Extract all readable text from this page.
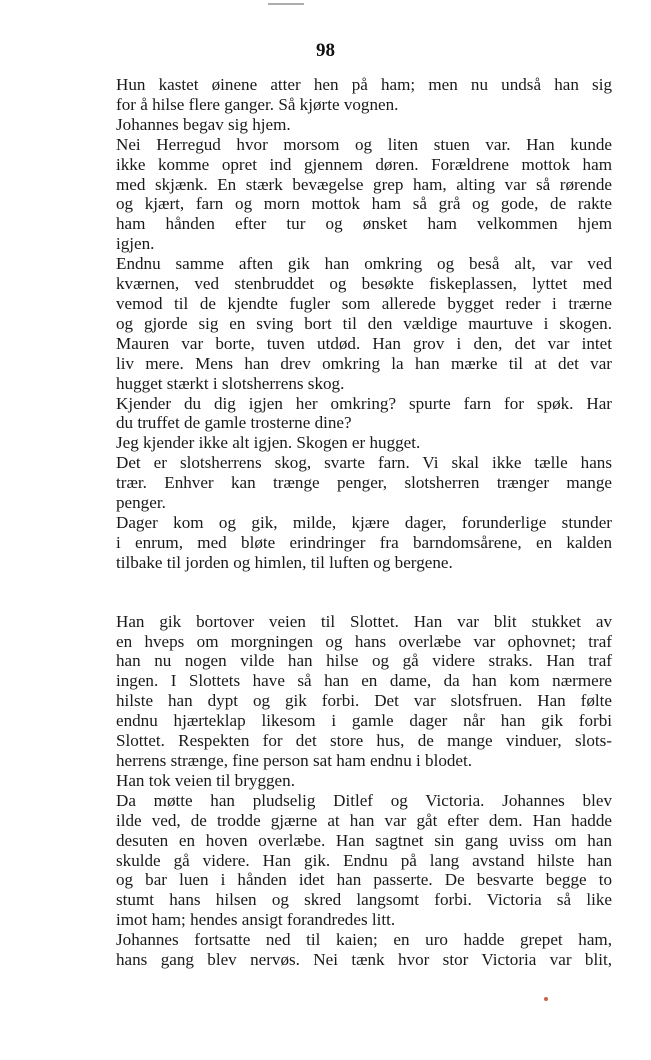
98
Hun kastet øinene atter hen på ham; men nu undså han sig
for å hilse flere ganger. Så kjørte vognen.
Johannes begav sig hjem.
Nei Herregud hvor morsom og liten stuen var. Han kunde
ikke komme opret ind gjennem døren. Forældrene mottok ham
med skjænk. En stærk bevægelse grep ham, alting var så rørende
og kjært, farn og morn mottok ham så grå og gode, de rakte
ham hånden efter tur og ønsket ham velkommen hjem
igjen.
Endnu samme aften gik han omkring og beså alt, var ved
kværnen, ved stenbruddet og besøkte fiskeplassen, lyttet med
vemod til de kjendte fugler som allerede bygget reder i trærne
og gjorde sig en sving bort til den vældige maurtuve i skogen.
Mauren var borte, tuven utdød. Han grov i den, det var intet
liv mere. Mens han drev omkring la han mærke til at det var
hugget stærkt i slotsherrens skog.
Kjender du dig igjen her omkring? spurte farn for spøk. Har
du truffet de gamle trosterne dine?
Jeg kjender ikke alt igjen. Skogen er hugget.
Det er slotsherrens skog, svarte farn. Vi skal ikke tælle hans
trær. Enhver kan trænge penger, slotsherren trænger mange
penger.
Dager kom og gik, milde, kjære dager, forunderlige stunder
i enrum, med bløte erindringer fra barndomsårene, en kalden
tilbake til jorden og himlen, til luften og bergene.
Han gik bortover veien til Slottet. Han var blit stukket av
en hveps om morgningen og hans overlæbe var ophovnet; traf
han nu nogen vilde han hilse og gå videre straks. Han traf
ingen. I Slottets have så han en dame, da han kom nærmere
hilste han dypt og gik forbi. Det var slotsfruen. Han følte
endnu hjærteklap likesom i gamle dager når han gik forbi
Slottet. Respekten for det store hus, de mange vinduer, slots-
herrens strænge, fine person sat ham endnu i blodet.
Han tok veien til bryggen.
Da møtte han pludselig Ditlef og Victoria. Johannes blev
ilde ved, de trodde gjærne at han var gåt efter dem. Han hadde
desuten en hoven overlæbe. Han sagtnet sin gang uviss om han
skulde gå videre. Han gik. Endnu på lang avstand hilste han
og bar luen i hånden idet han passerte. De besvarte begge to
stumt hans hilsen og skred langsomt forbi. Victoria så like
imot ham; hendes ansigt forandredes litt.
Johannes fortsatte ned til kaien; en uro hadde grepet ham,
hans gang blev nervøs. Nei tænk hvor stor Victoria var blit,
